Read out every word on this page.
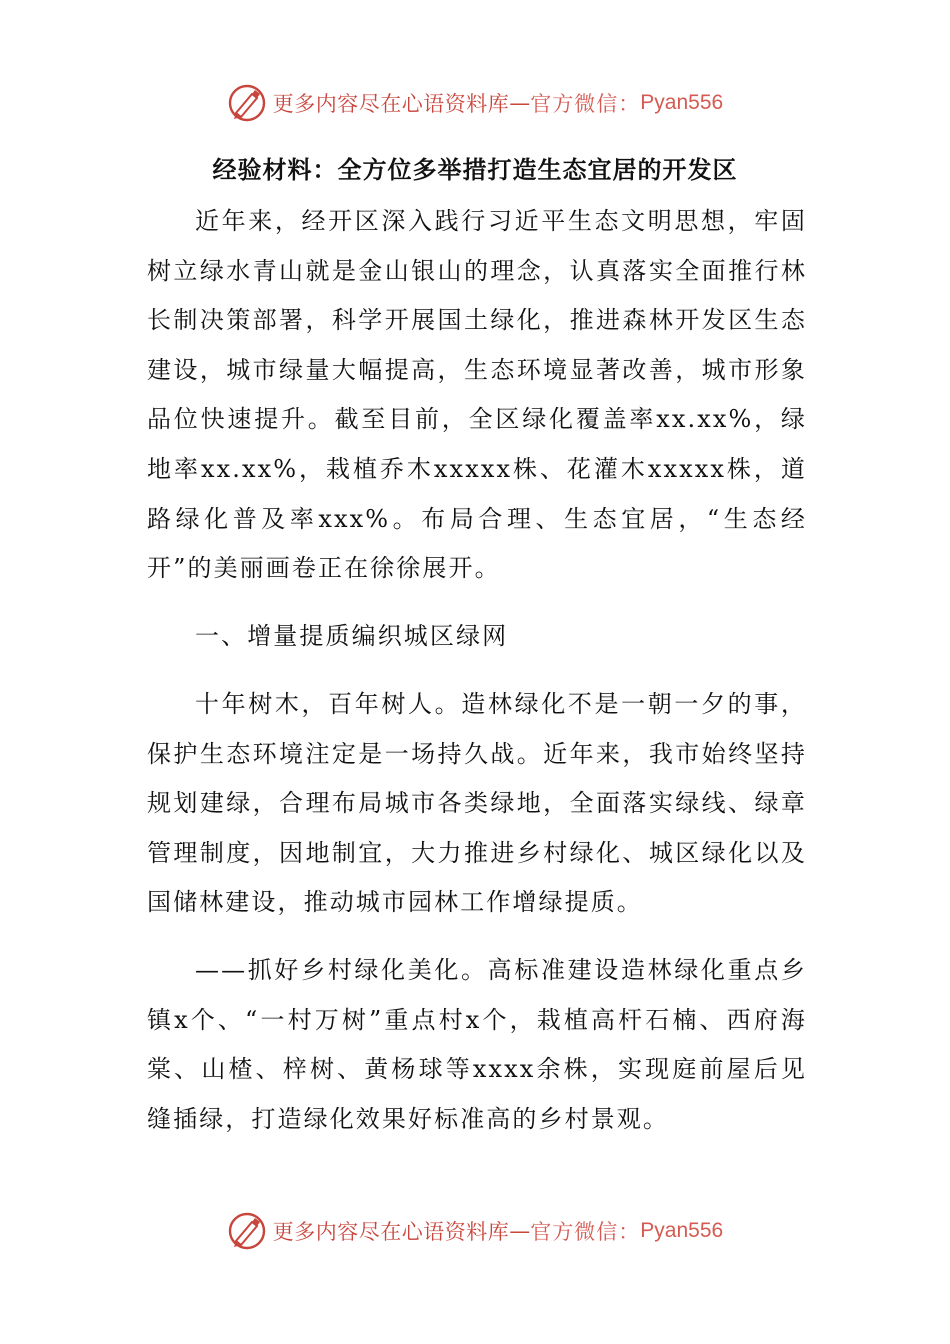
更多内容尽在心语资料库 — 官方微信： Pyan556
经验材料：全方位多举措打造生态宜居的开发区

近年来，经开区深入践行习近平生态文明思想，牢固树立绿水青山就是金山银山的理念，认真落实全面推行林长制决策部署，科学开展国土绿化，推进森林开发区生态建设，城市绿量大幅提高，生态环境显著改善，城市形象品位快速提升。截至目前，全区绿化覆盖率xx.xx%，绿地率xx.xx%，栽植乔木xxxxx株、花灌木xxxxx株，道路绿化普及率xxx%。布局合理、生态宜居，“生态经开”的美丽画卷正在徐徐展开。

一、增量提质编织城区绿网

十年树木，百年树人。造林绿化不是一朝一夕的事，保护生态环境注定是一场持久战。近年来，我市始终坚持规划建绿，合理布局城市各类绿地，全面落实绿线、绿章管理制度，因地制宜，大力推进乡村绿化、城区绿化以及国储林建设，推动城市园林工作增绿提质。

——抓好乡村绿化美化。高标准建设造林绿化重点乡镇x个、“一村万树”重点村x个，栽植高杆石楠、西府海棠、山楂、梓树、黄杨球等xxxx余株，实现庭前屋后见缝插绿，打造绿化效果好标准高的乡村景观。

更多内容尽在心语资料库 — 官方微信： Pyan556
